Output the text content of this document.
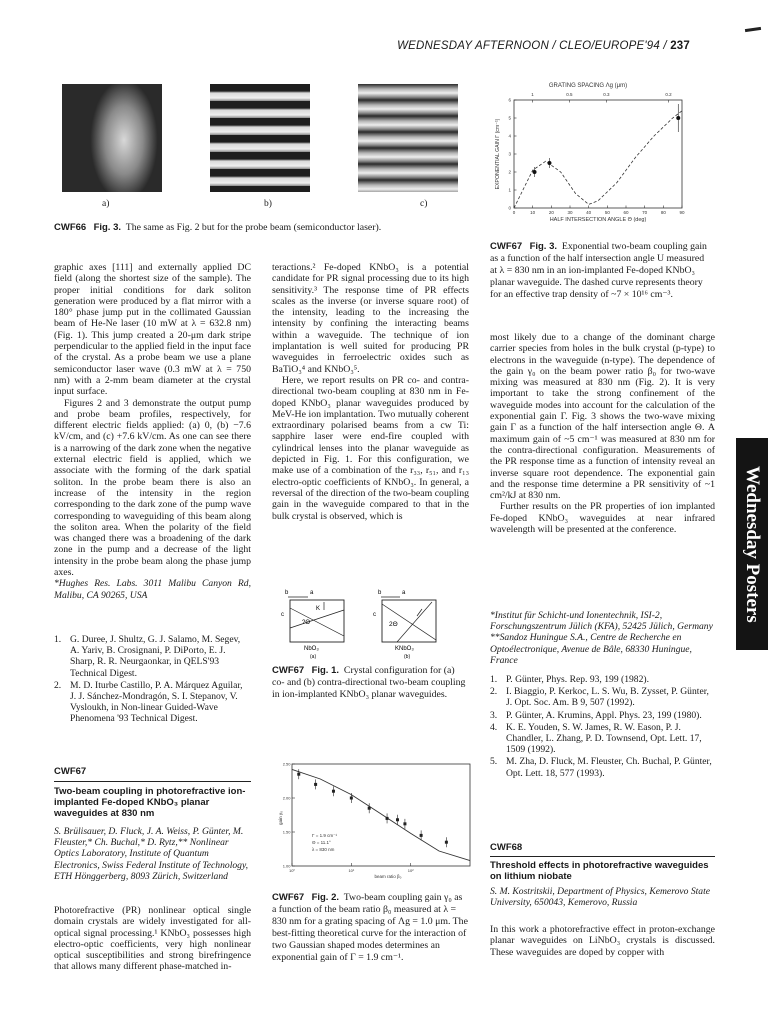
WEDNESDAY AFTERNOON / CLEO/EUROPE'94 / 237
a)	b)	c)
CWF66 Fig. 3. The same as Fig. 2 but for the probe beam (semiconductor laser).
GRATING SPACING Λg (μm)
1	0.5	0.3	0.2
0	10	20	30	40	50	60	70	80	90
0
1
2
3
4
5
6
HALF INTERSECTION ANGLE Θ (deg)
EXPONENTIAL GAIN Γ (cm⁻¹)
CWF67 Fig. 3. Exponential two-beam coupling gain as a function of the half intersection angle U measured at λ = 830 nm in an ion-implanted Fe-doped KNbO₃ planar waveguide. The dashed curve represents theory for an effective trap density of ~7 × 10¹⁶ cm⁻³.

graphic axes [111] and externally applied DC field (along the shortest size of the sample). The proper initial conditions for dark soliton generation were produced by a flat mirror with a 180° phase jump put in the collimated Gaussian beam of He-Ne laser (10 mW at λ = 632.8 nm) (Fig. 1). This jump created a 20-μm dark stripe perpendicular to the applied field in the input face of the crystal. As a probe beam we use a plane semiconductor laser wave (0.3 mW at λ = 750 nm) with a 2-mm beam diameter at the crystal input surface.

Figures 2 and 3 demonstrate the output pump and probe beam profiles, respectively, for different electric fields applied: (a) 0, (b) −7.6 kV/cm, and (c) +7.6 kV/cm. As one can see there is a narrowing of the dark zone when the negative external electric field is applied, which we associate with the forming of the dark spatial soliton. In the probe beam there is also an increase of the intensity in the region corresponding to the dark zone of the pump wave corresponding to waveguiding of this beam along the soliton area. When the polarity of the field was changed there was a broadening of the dark zone in the pump and a decrease of the light intensity in the probe beam along the phase jump axes.

*Hughes Res. Labs. 3011 Malibu Canyon Rd, Malibu, CA 90265, USA

1. G. Duree, J. Shultz, G. J. Salamo, M. Segev, A. Yariv, B. Crosignani, P. DiPorto, E. J. Sharp, R. R. Neurgaonkar, in QELS'93 Technical Digest.
2. M. D. Iturbe Castillo, P. A. Márquez Aguilar, J. J. Sánchez-Mondragón, S. I. Stepanov, V. Vysloukh, in Non-linear Guided-Wave Phenomena '93 Technical Digest.
CWF67
Two-beam coupling in photorefractive ion-implanted Fe-doped KNbO₃ planar waveguides at 830 nm
S. Brülisauer, D. Fluck, J. A. Weiss, P. Günter, M. Fleuster,* Ch. Buchal,* D. Rytz,** Nonlinear Optics Laboratory, Institute of Quantum Electronics, Swiss Federal Institute of Technology, ETH Hönggerberg, 8093 Zürich, Switzerland

Photorefractive (PR) nonlinear optical single domain crystals are widely investigated for all-optical signal processing.¹ KNbO₃ possesses high electro-optic coefficients, very high nonlinear optical susceptibilities and strong birefringence that allows many different phase-matched in-

teractions.² Fe-doped KNbO₃ is a potential candidate for PR signal processing due to its high sensitivity.³ The response time of PR effects scales as the inverse (or inverse square root) of the intensity, leading to the increasing the intensity by confining the interacting beams within a waveguide. The technique of ion implantation is well suited for producing PR waveguides in ferroelectric oxides such as BaTiO₃⁴ and KNbO₃⁵.

Here, we report results on PR co- and contra-directional two-beam coupling at 830 nm in Fe-doped KNbO₃ planar waveguides produced by MeV-He ion implantation. Two mutually coherent extraordinary polarised beams from a cw Ti: sapphire laser were end-fire coupled with cylindrical lenses into the planar waveguide as depicted in Fig. 1. For this configuration, we make use of a combination of the r₃₃, r₅₁, and r₁₃ electro-optic coefficients of KNbO₃. In general, a reversal of the direction of the two-beam coupling gain in the waveguide compared to that in the bulk crystal is observed, which is

b	a
c
K
?Θ
NbO₃
(a)
b	a
c
2Θ
KNbO₃
(b)
CWF67 Fig. 1. Crystal configuration for (a) co- and (b) contra-directional two-beam coupling in ion-implanted KNbO₃ planar waveguides.
1.00
1.50
2.00
2.50
10⁰	10¹	10²
Γ = 1.9 cm⁻¹
Θ = 11.1°
λ = 830 nm
beam ratio β₀
gain γ₀
CWF67 Fig. 2. Two-beam coupling gain γ₀ as a function of the beam ratio β₀ measured at λ = 830 nm for a grating spacing of Λg = 1.0 μm. The best-fitting theoretical curve for the interaction of two Gaussian shaped modes determines an exponential gain of Γ = 1.9 cm⁻¹.

most likely due to a change of the dominant charge carrier species from holes in the bulk crystal (p-type) to electrons in the waveguide (n-type). The dependence of the gain γ₀ on the beam power ratio β₀ for two-wave mixing was measured at 830 nm (Fig. 2). It is very important to take the strong confinement of the waveguide modes into account for the calculation of the exponential gain Γ. Fig. 3 shows the two-wave mixing gain Γ as a function of the half intersection angle Θ. A maximum gain of ~5 cm⁻¹ was measured at 830 nm for the contra-directional configuration. Measurements of the PR response time as a function of intensity reveal an inverse square root dependence. The exponential gain and the response time determine a PR sensitivity of ~1 cm²/kJ at 830 nm.

Further results on the PR properties of ion implanted Fe-doped KNbO₃ waveguides at near infrared wavelength will be presented at the conference.

*Institut für Schicht-und Ionentechnik, ISI-2, Forschungszentrum Jülich (KFA), 52425 Jülich, Germany
**Sandoz Huningue S.A., Centre de Recherche en Optoélectronique, Avenue de Bâle, 68330 Huningue, France
1. P. Günter, Phys. Rep. 93, 199 (1982).
2. I. Biaggio, P. Kerkoc, L. S. Wu, B. Zysset, P. Günter, J. Opt. Soc. Am. B 9, 507 (1992).
3. P. Günter, A. Krumins, Appl. Phys. 23, 199 (1980).
4. K. E. Youden, S. W. James, R. W. Eason, P. J. Chandler, L. Zhang, P. D. Townsend, Opt. Lett. 17, 1509 (1992).
5. M. Zha, D. Fluck, M. Fleuster, Ch. Buchal, P. Günter, Opt. Lett. 18, 577 (1993).
CWF68
Threshold effects in photorefractive waveguides on lithium niobate
S. M. Kostritskii, Department of Physics, Kemerovo State University, 650043, Kemerovo, Russia

In this work a photorefractive effect in proton-exchange planar waveguides on LiNbO₃ crystals is discussed. These waveguides are doped by copper with

Wednesday Posters
